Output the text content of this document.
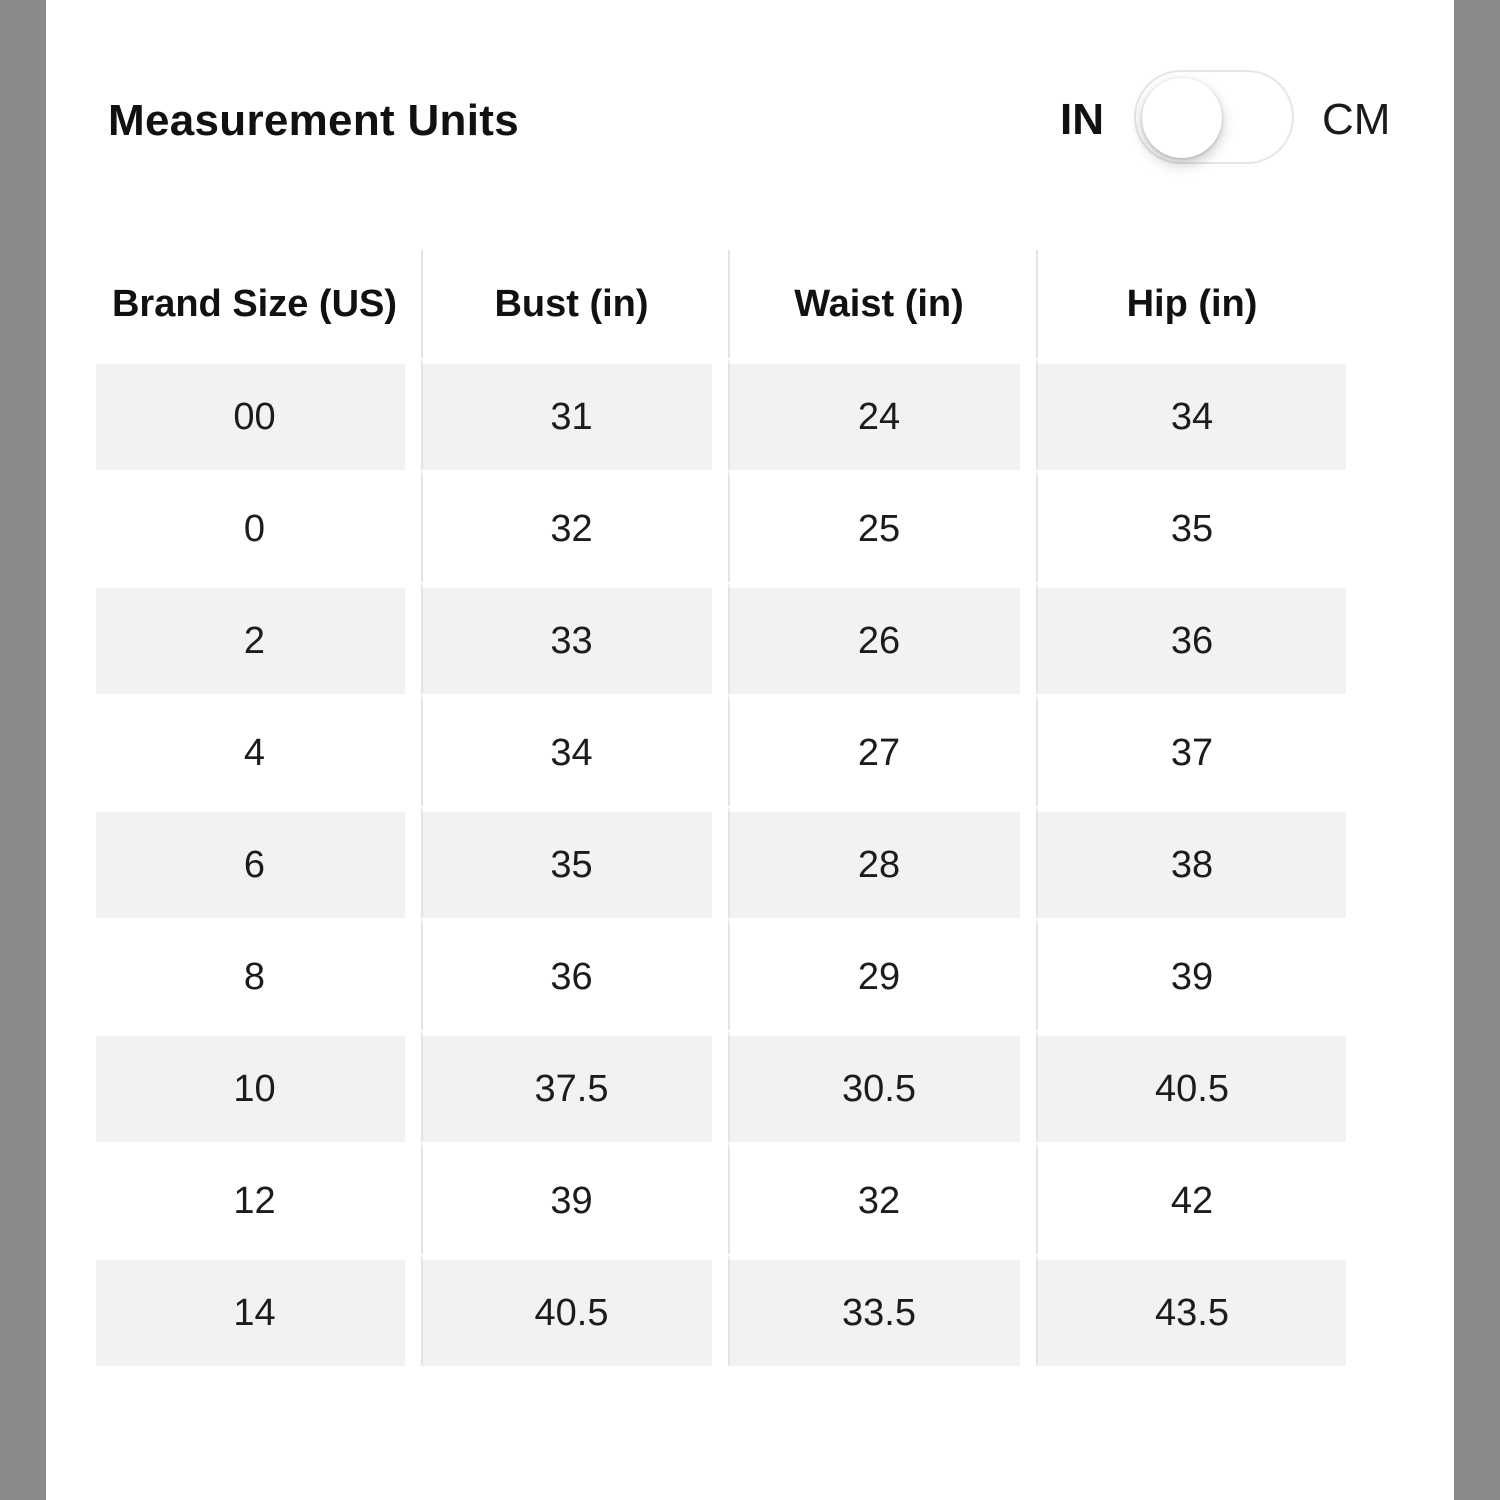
Measurement Units	IN	CM
Brand Size (US)	Bust (in)	Waist (in)	Hip (in)
00	31	24	34
0	32	25	35
2	33	26	36
4	34	27	37
6	35	28	38
8	36	29	39
10	37.5	30.5	40.5
12	39	32	42
14	40.5	33.5	43.5
